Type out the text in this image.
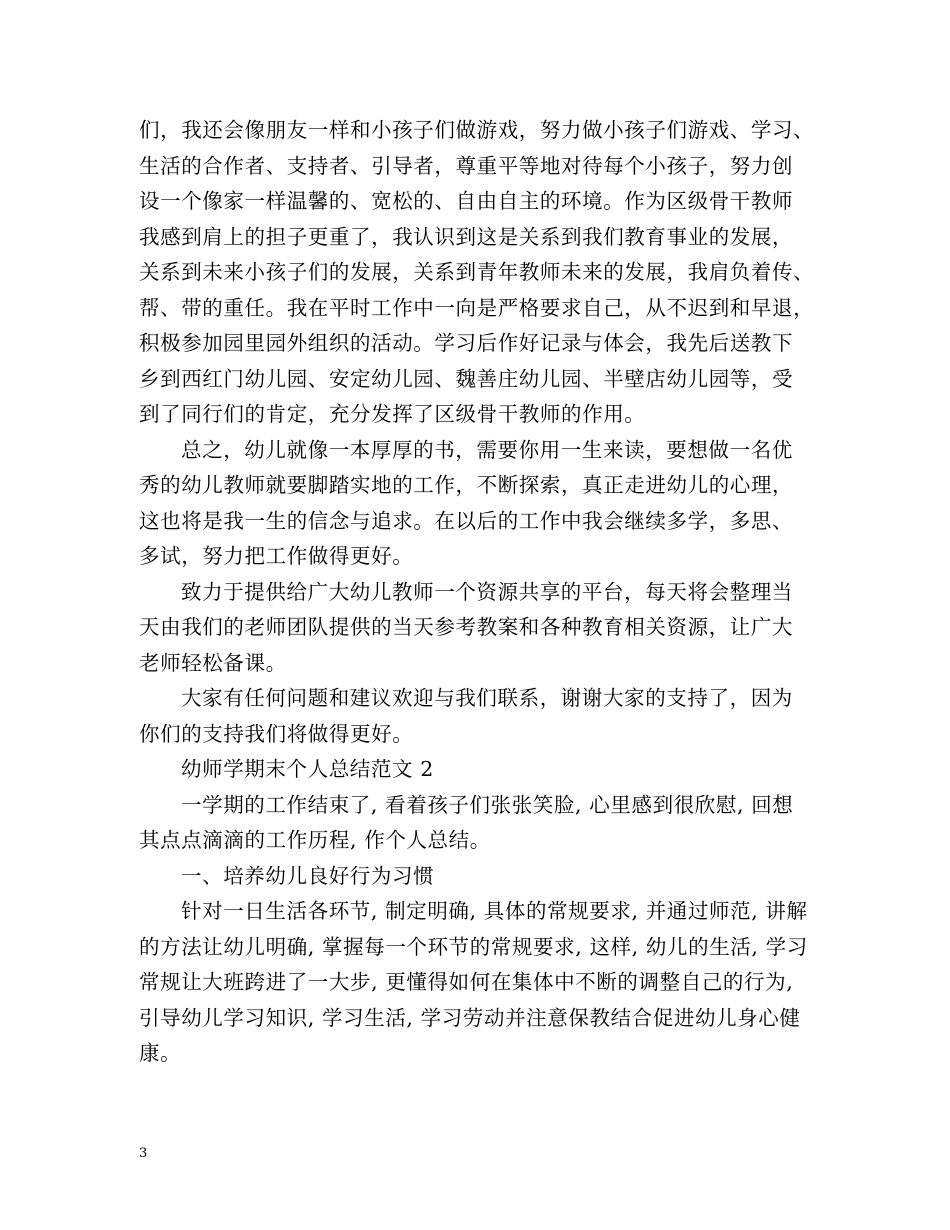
们，我还会像朋友一样和小孩子们做游戏，努力做小孩子们游戏、学习、
生活的合作者、支持者、引导者，尊重平等地对待每个小孩子，努力创
设一个像家一样温馨的、宽松的、自由自主的环境。作为区级骨干教师
我感到肩上的担子更重了，我认识到这是关系到我们教育事业的发展，
关系到未来小孩子们的发展，关系到青年教师未来的发展，我肩负着传、
帮、带的重任。我在平时工作中一向是严格要求自己，从不迟到和早退，
积极参加园里园外组织的活动。学习后作好记录与体会，我先后送教下
乡到西红门幼儿园、安定幼儿园、魏善庄幼儿园、半壁店幼儿园等，受
到了同行们的肯定，充分发挥了区级骨干教师的作用。
总之，幼儿就像一本厚厚的书，需要你用一生来读，要想做一名优
秀的幼儿教师就要脚踏实地的工作，不断探索，真正走进幼儿的心理，
这也将是我一生的信念与追求。在以后的工作中我会继续多学，多思、
多试，努力把工作做得更好。
致力于提供给广大幼儿教师一个资源共享的平台，每天将会整理当
天由我们的老师团队提供的当天参考教案和各种教育相关资源，让广大
老师轻松备课。
大家有任何问题和建议欢迎与我们联系，谢谢大家的支持了，因为
你们的支持我们将做得更好。
幼师学期末个人总结范文 2
一学期的工作结束了, 看着孩子们张张笑脸, 心里感到很欣慰, 回想
其点点滴滴的工作历程, 作个人总结。
一、培养幼儿良好行为习惯
针对一日生活各环节, 制定明确, 具体的常规要求, 并通过师范, 讲解
的方法让幼儿明确, 掌握每一个环节的常规要求, 这样, 幼儿的生活, 学习
常规让大班跨进了一大步, 更懂得如何在集体中不断的调整自己的行为,
引导幼儿学习知识, 学习生活, 学习劳动并注意保教结合促进幼儿身心健
康。
3
